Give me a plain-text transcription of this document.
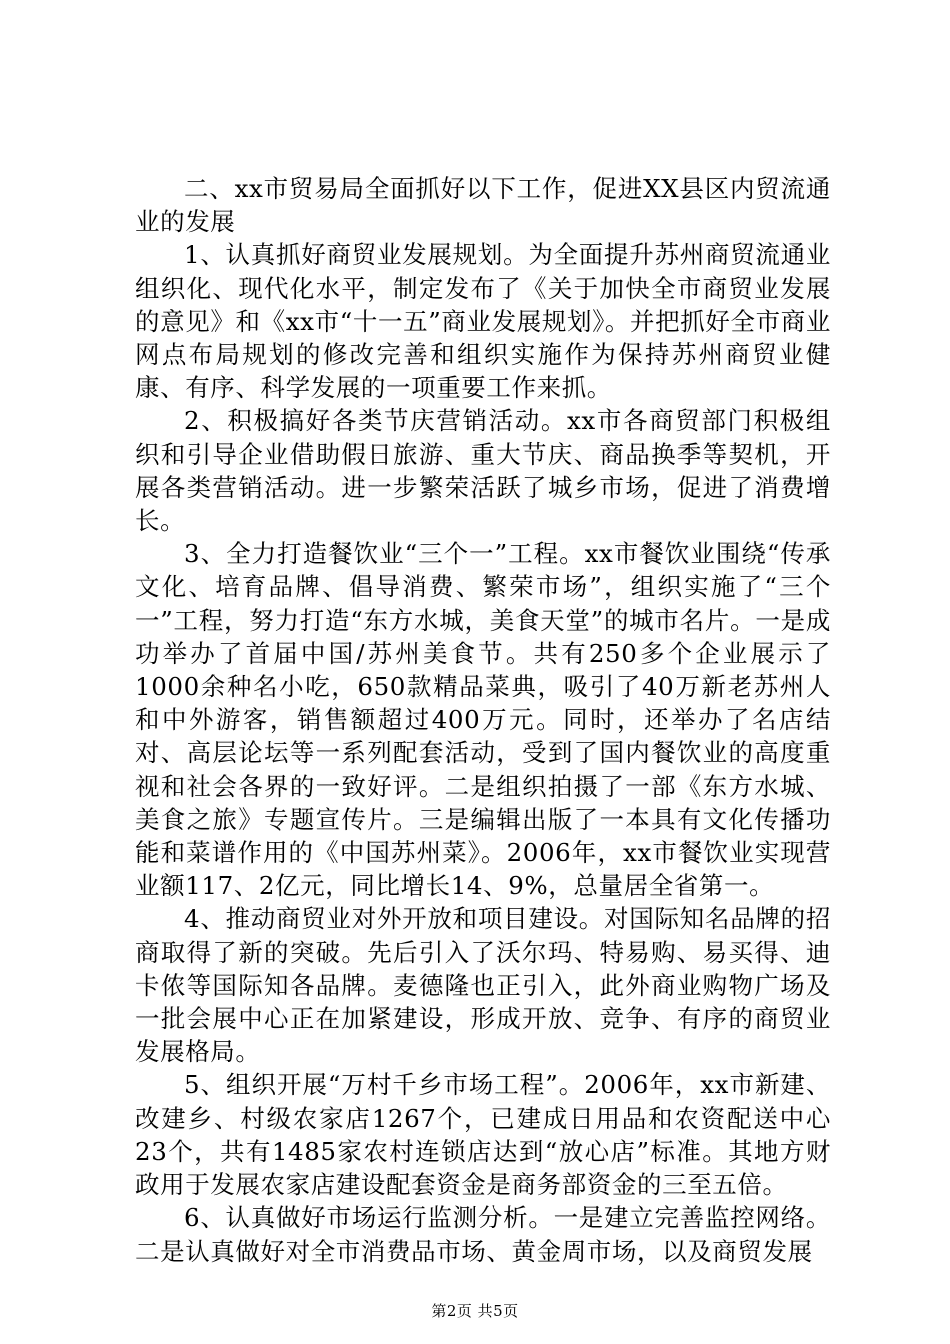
二、xx市贸易局全面抓好以下工作，促进XX县区内贸流通业的发展

1、认真抓好商贸业发展规划。为全面提升苏州商贸流通业组织化、现代化水平，制定发布了《关于加快全市商贸业发展的意见》和《xx市“十一五”商业发展规划》。并把抓好全市商业网点布局规划的修改完善和组织实施作为保持苏州商贸业健康、有序、科学发展的一项重要工作来抓。

2、积极搞好各类节庆营销活动。xx市各商贸部门积极组织和引导企业借助假日旅游、重大节庆、商品换季等契机，开展各类营销活动。进一步繁荣活跃了城乡市场，促进了消费增长。

3、全力打造餐饮业“三个一”工程。xx市餐饮业围绕“传承文化、培育品牌、倡导消费、繁荣市场”，组织实施了“三个一”工程，努力打造“东方水城，美食天堂”的城市名片。一是成功举办了首届中国/苏州美食节。共有250多个企业展示了1000余种名小吃，650款精品菜典，吸引了40万新老苏州人和中外游客，销售额超过400万元。同时，还举办了名店结对、高层论坛等一系列配套活动，受到了国内餐饮业的高度重视和社会各界的一致好评。二是组织拍摄了一部《东方水城、美食之旅》专题宣传片。三是编辑出版了一本具有文化传播功能和菜谱作用的《中国苏州菜》。2006年，xx市餐饮业实现营业额117、2亿元，同比增长14、9%，总量居全省第一。

4、推动商贸业对外开放和项目建设。对国际知名品牌的招商取得了新的突破。先后引入了沃尔玛、特易购、易买得、迪卡侬等国际知各品牌。麦德隆也正引入，此外商业购物广场及一批会展中心正在加紧建设，形成开放、竞争、有序的商贸业发展格局。

5、组织开展“万村千乡市场工程”。2006年，xx市新建、改建乡、村级农家店1267个，已建成日用品和农资配送中心23个，共有1485家农村连锁店达到“放心店”标准。其地方财政用于发展农家店建设配套资金是商务部资金的三至五倍。

6、认真做好市场运行监测分析。一是建立完善监控网络。二是认真做好对全市消费品市场、黄金周市场，以及商贸发展

第2页 共5页
